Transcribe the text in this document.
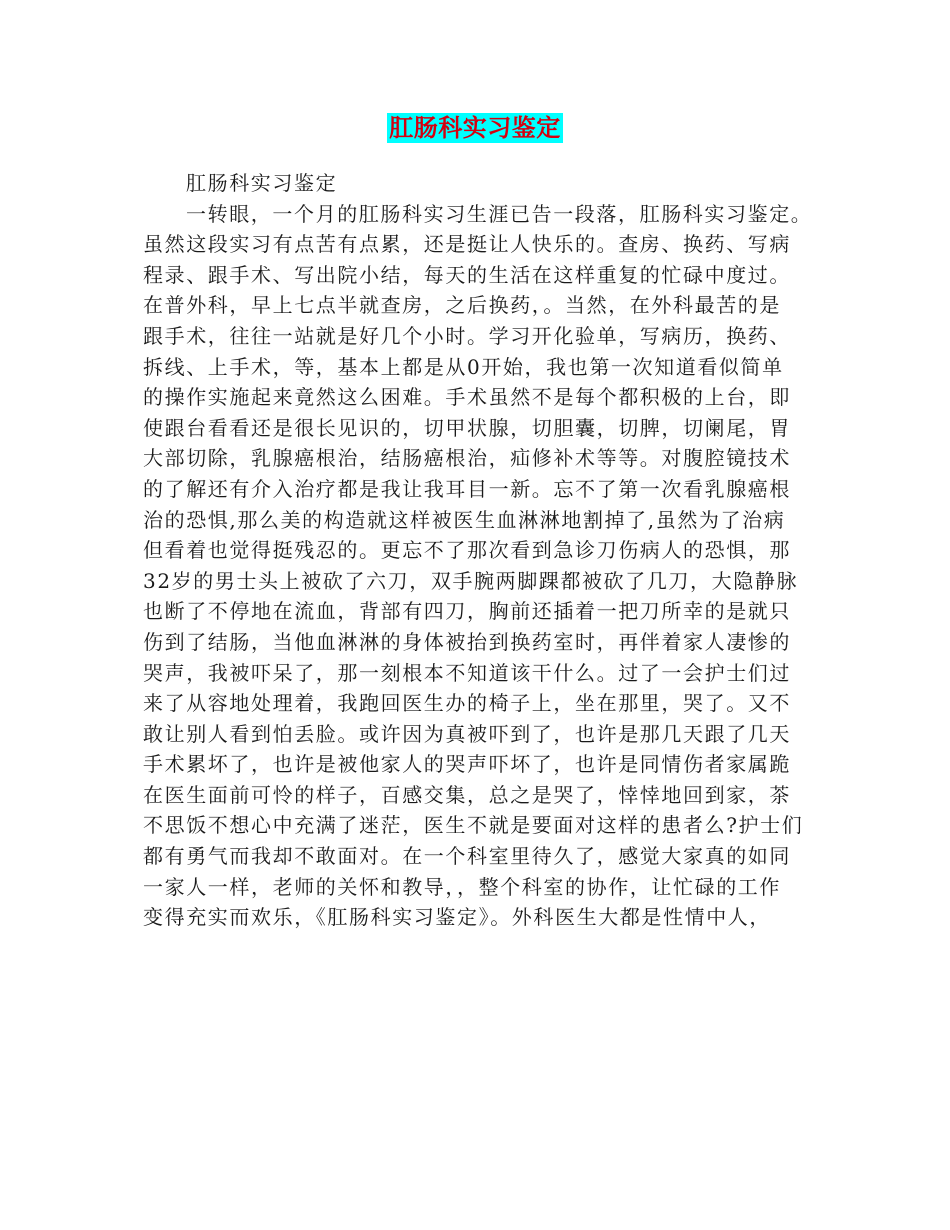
肛肠科实习鉴定
肛肠科实习鉴定
一转眼，一个月的肛肠科实习生涯已告一段落，肛肠科实习鉴定。
虽然这段实习有点苦有点累，还是挺让人快乐的。查房、换药、写病
程录、跟手术、写出院小结，每天的生活在这样重复的忙碌中度过。
在普外科，早上七点半就查房，之后换药，。当然，在外科最苦的是
跟手术，往往一站就是好几个小时。学习开化验单，写病历，换药、
拆线、上手术，等，基本上都是从0开始，我也第一次知道看似简单
的操作实施起来竟然这么困难。手术虽然不是每个都积极的上台，即
使跟台看看还是很长见识的，切甲状腺，切胆囊，切脾，切阑尾，胃
大部切除，乳腺癌根治，结肠癌根治，疝修补术等等。对腹腔镜技术
的了解还有介入治疗都是我让我耳目一新。忘不了第一次看乳腺癌根
治的恐惧,那么美的构造就这样被医生血淋淋地割掉了,虽然为了治病
但看着也觉得挺残忍的。更忘不了那次看到急诊刀伤病人的恐惧，那
32岁的男士头上被砍了六刀，双手腕两脚踝都被砍了几刀，大隐静脉
也断了不停地在流血，背部有四刀，胸前还插着一把刀所幸的是就只
伤到了结肠，当他血淋淋的身体被抬到换药室时，再伴着家人凄惨的
哭声，我被吓呆了，那一刻根本不知道该干什么。过了一会护士们过
来了从容地处理着，我跑回医生办的椅子上，坐在那里，哭了。又不
敢让别人看到怕丢脸。或许因为真被吓到了，也许是那几天跟了几天
手术累坏了，也许是被他家人的哭声吓坏了，也许是同情伤者家属跪
在医生面前可怜的样子，百感交集，总之是哭了，悻悻地回到家，茶
不思饭不想心中充满了迷茫，医生不就是要面对这样的患者么?护士们
都有勇气而我却不敢面对。在一个科室里待久了，感觉大家真的如同
一家人一样，老师的关怀和教导，，整个科室的协作，让忙碌的工作
变得充实而欢乐，《肛肠科实习鉴定》。外科医生大都是性情中人，
